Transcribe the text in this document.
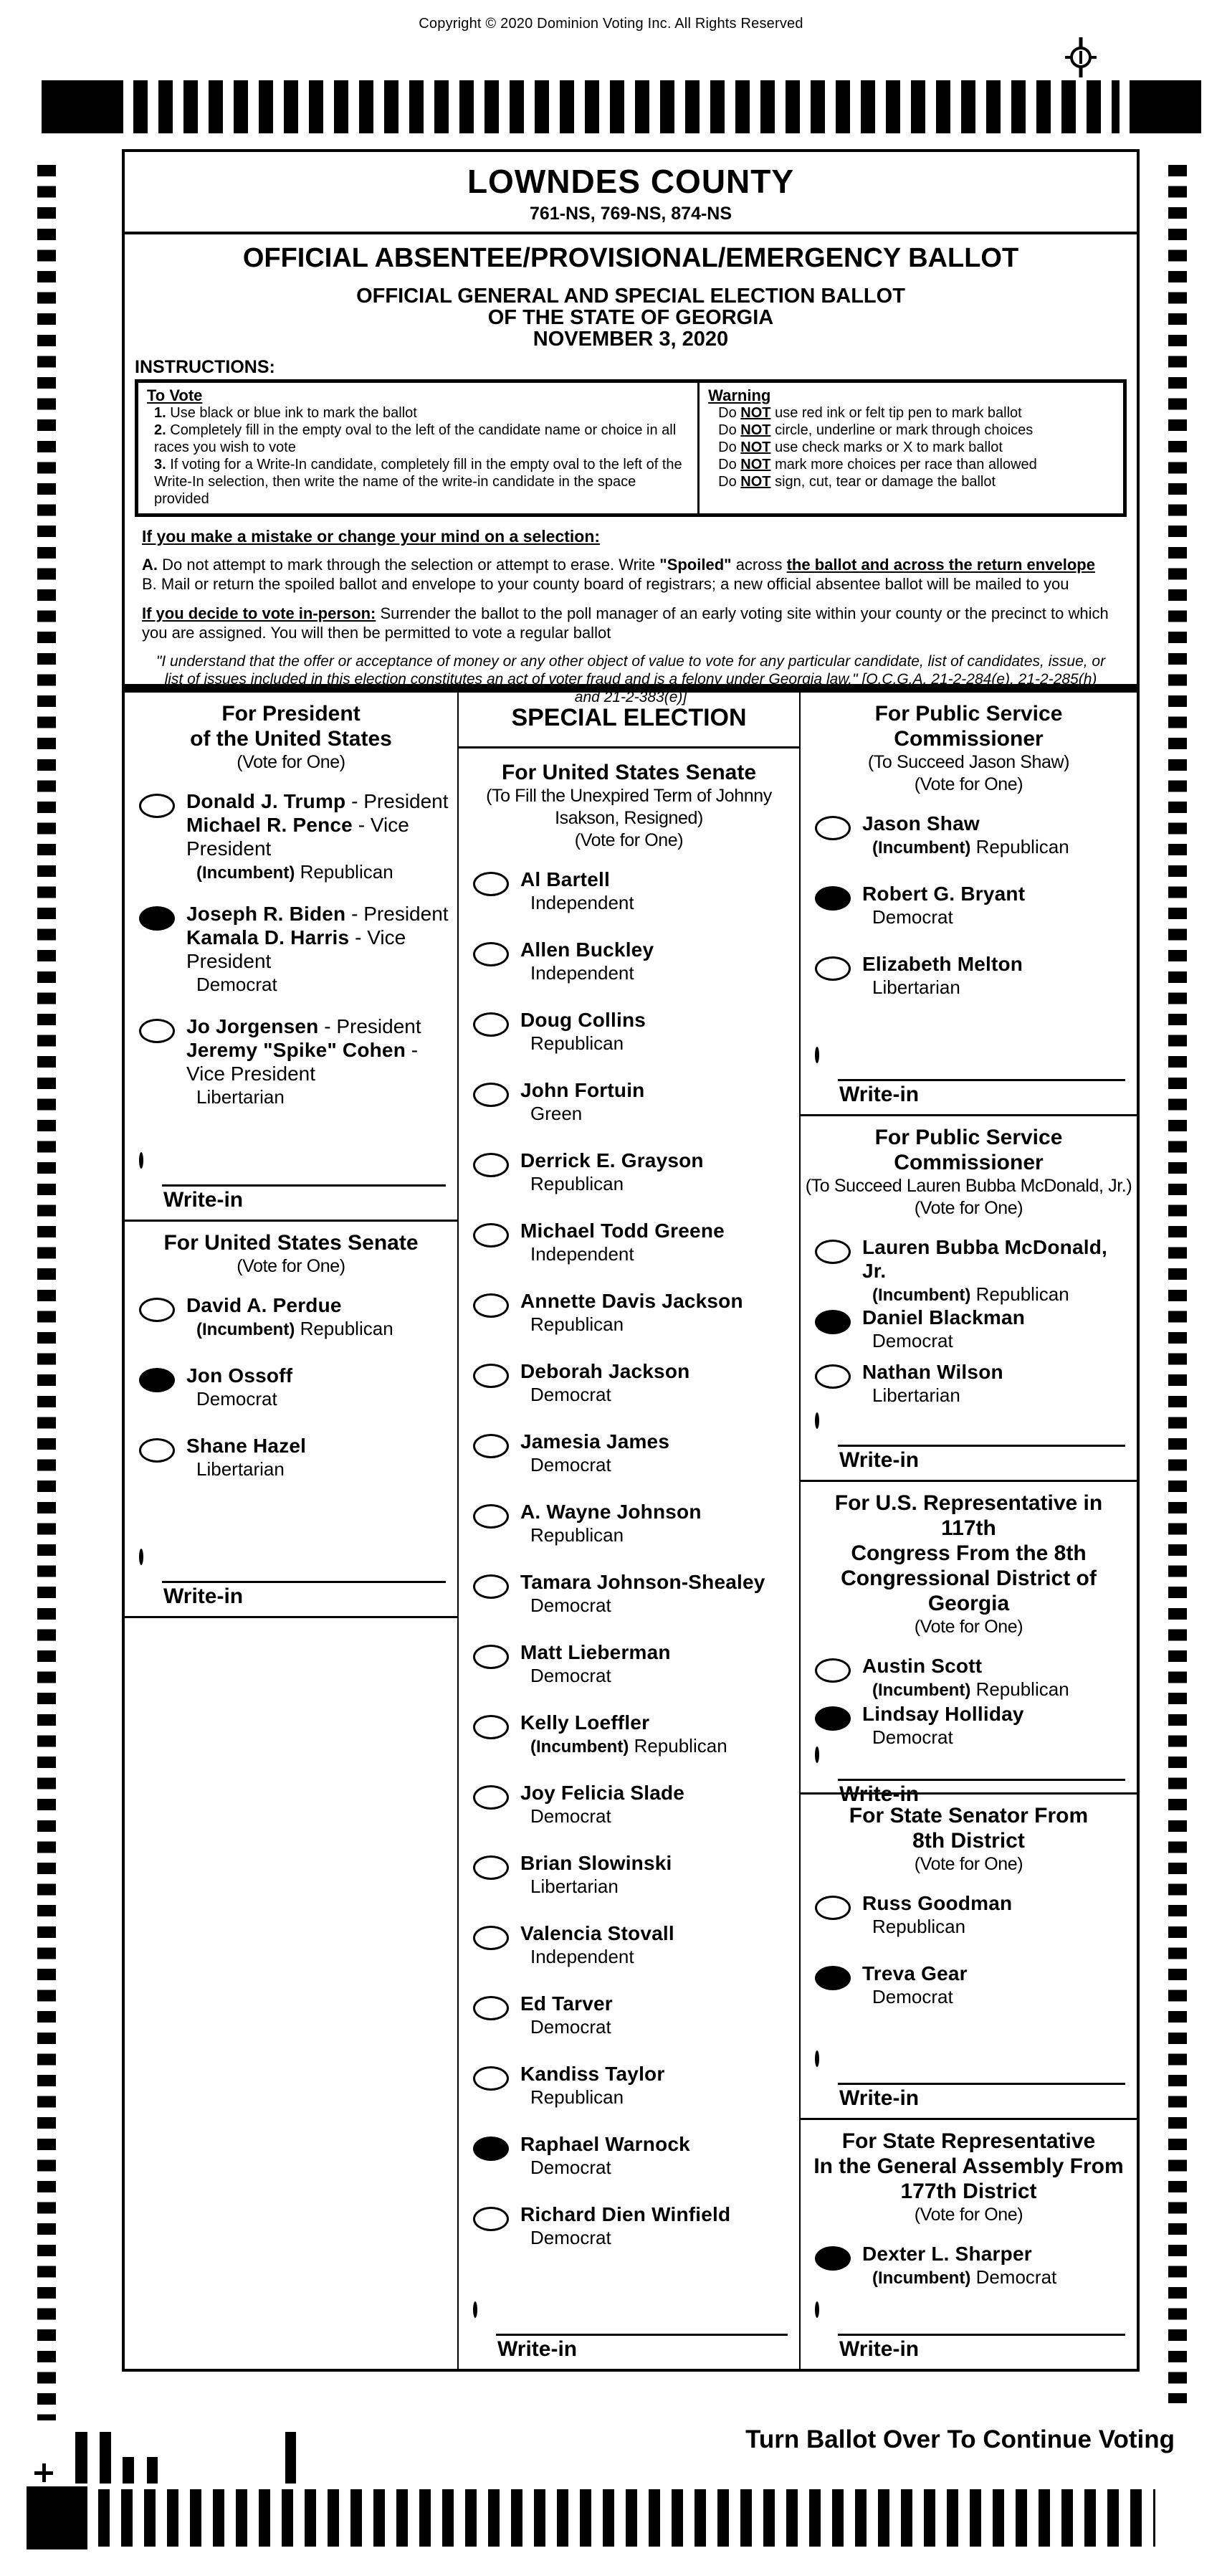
Copyright © 2020 Dominion Voting Inc. All Rights Reserved
LOWNDES COUNTY
761-NS, 769-NS, 874-NS
OFFICIAL ABSENTEE/PROVISIONAL/EMERGENCY BALLOT
OFFICIAL GENERAL AND SPECIAL ELECTION BALLOT
OF THE STATE OF GEORGIA
NOVEMBER 3, 2020
INSTRUCTIONS:
To Vote
1. Use black or blue ink to mark the ballot
2. Completely fill in the empty oval to the left of the candidate name or choice in all races you wish to vote
3. If voting for a Write-In candidate, completely fill in the empty oval to the left of the Write-In selection, then write the name of the write-in candidate in the space provided
Warning
Do NOT use red ink or felt tip pen to mark ballot
Do NOT circle, underline or mark through choices
Do NOT use check marks or X to mark ballot
Do NOT mark more choices per race than allowed
Do NOT sign, cut, tear or damage the ballot
If you make a mistake or change your mind on a selection:
A. Do not attempt to mark through the selection or attempt to erase. Write "Spoiled" across the ballot and across the return envelope
B. Mail or return the spoiled ballot and envelope to your county board of registrars; a new official absentee ballot will be mailed to you
If you decide to vote in-person: Surrender the ballot to the poll manager of an early voting site within your county or the precinct to which you are assigned. You will then be permitted to vote a regular ballot
"I understand that the offer or acceptance of money or any other object of value to vote for any particular candidate, list of candidates, issue, or list of issues included in this election constitutes an act of voter fraud and is a felony under Georgia law." [O.C.G.A. 21-2-284(e), 21-2-285(h) and 21-2-383(e)]
For President
of the United States
(Vote for One)
Donald J. Trump - President
Michael R. Pence - Vice President
(Incumbent) Republican
Joseph R. Biden - President
Kamala D. Harris - Vice President
Democrat
Jo Jorgensen - President
Jeremy "Spike" Cohen - Vice President
Libertarian
Write-in
For United States Senate
(Vote for One)
David A. Perdue
(Incumbent) Republican
Jon Ossoff
Democrat
Shane Hazel
Libertarian
Write-in
SPECIAL ELECTION
For United States Senate
(To Fill the Unexpired Term of Johnny
Isakson, Resigned)
(Vote for One)
Al Bartell
Independent
Allen Buckley
Independent
Doug Collins
Republican
John Fortuin
Green
Derrick E. Grayson
Republican
Michael Todd Greene
Independent
Annette Davis Jackson
Republican
Deborah Jackson
Democrat
Jamesia James
Democrat
A. Wayne Johnson
Republican
Tamara Johnson-Shealey
Democrat
Matt Lieberman
Democrat
Kelly Loeffler
(Incumbent) Republican
Joy Felicia Slade
Democrat
Brian Slowinski
Libertarian
Valencia Stovall
Independent
Ed Tarver
Democrat
Kandiss Taylor
Republican
Raphael Warnock
Democrat
Richard Dien Winfield
Democrat
Write-in
For Public Service
Commissioner
(To Succeed Jason Shaw)
(Vote for One)
Jason Shaw
(Incumbent) Republican
Robert G. Bryant
Democrat
Elizabeth Melton
Libertarian
Write-in
For Public Service
Commissioner
(To Succeed Lauren Bubba McDonald, Jr.)
(Vote for One)
Lauren Bubba McDonald, Jr.
(Incumbent) Republican
Daniel Blackman
Democrat
Nathan Wilson
Libertarian
Write-in
For U.S. Representative in 117th
Congress From the 8th
Congressional District of Georgia
(Vote for One)
Austin Scott
(Incumbent) Republican
Lindsay Holliday
Democrat
Write-in
For State Senator From
8th District
(Vote for One)
Russ Goodman
Republican
Treva Gear
Democrat
Write-in
For State Representative
In the General Assembly From
177th District
(Vote for One)
Dexter L. Sharper
(Incumbent) Democrat
Write-in
Turn Ballot Over To Continue Voting
43
